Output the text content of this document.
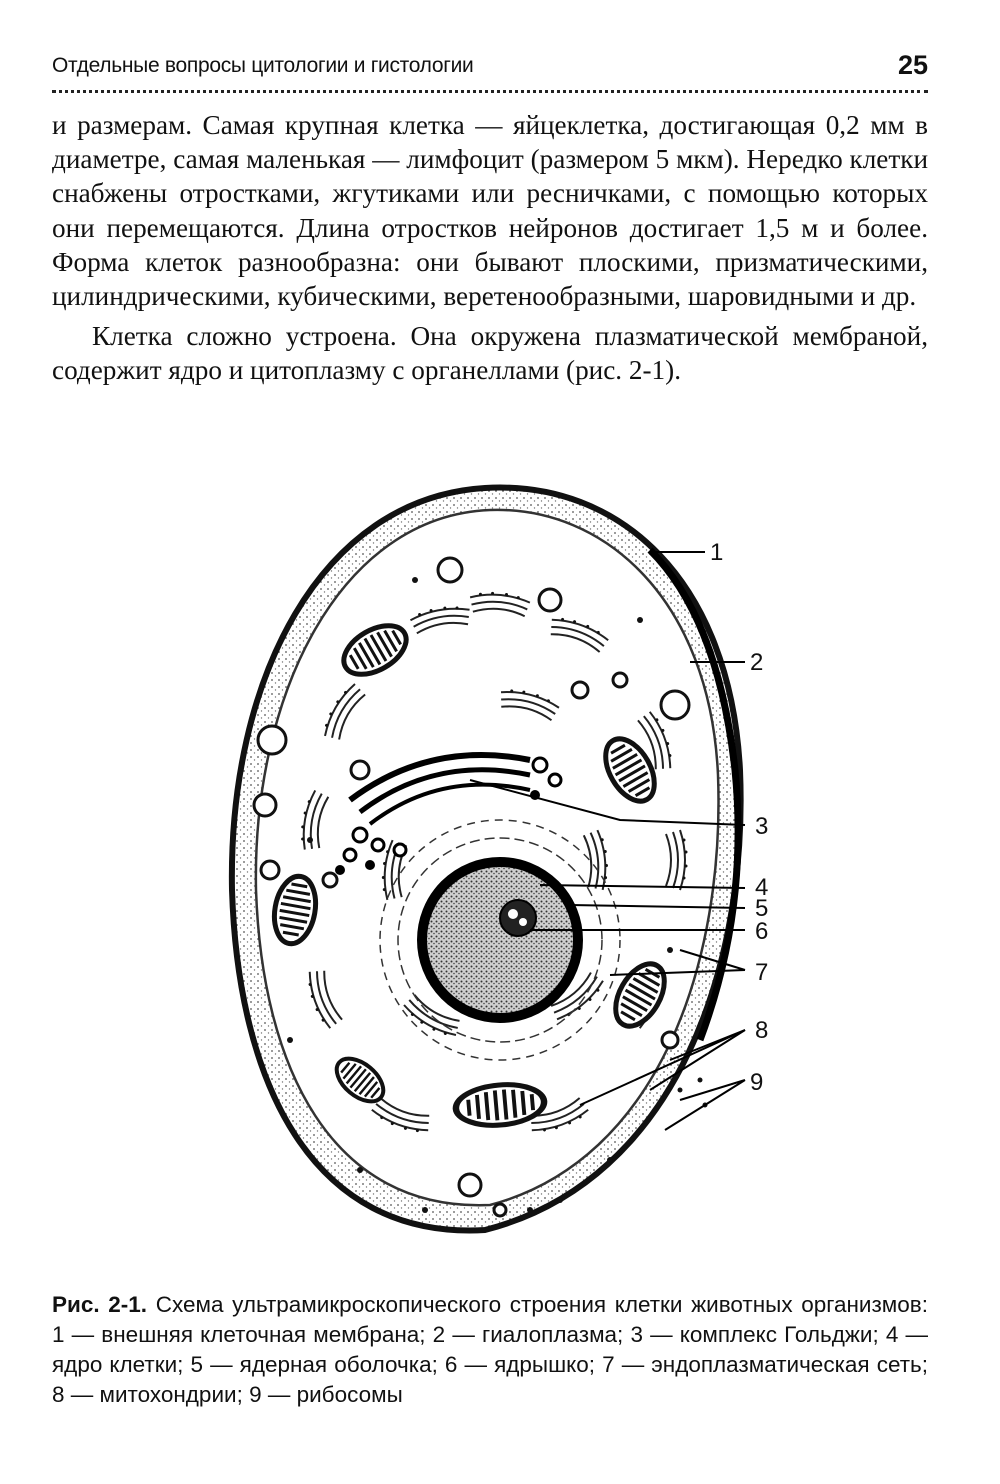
Отдельные вопросы цитологии и гистологии	25

и размерам. Самая крупная клетка — яйцеклетка, достигающая 0,2 мм в диаметре, самая маленькая — лимфоцит (размером 5 мкм). Нередко клетки снабжены отростками, жгутиками или ресничками, с помощью которых они перемещаются. Длина отростков нейронов достигает 1,5 м и более. Форма клеток разнообразна: они бывают плоскими, призматическими, цилиндрическими, кубическими, веретенообразными, шаровидными и др.

Клетка сложно устроена. Она окружена плазматической мембраной, содержит ядро и цитоплазму с органеллами (рис. 2-1).

1
2
3
4
5
6
7
8
9
Рис. 2-1. Схема ультрамикроскопического строения клетки животных организмов: 1 — внешняя клеточная мембрана; 2 — гиалоплазма; 3 — комплекс Гольджи; 4 — ядро клетки; 5 — ядерная оболочка; 6 — ядрышко; 7 — эндоплазматическая сеть; 8 — митохондрии; 9 — рибосомы
